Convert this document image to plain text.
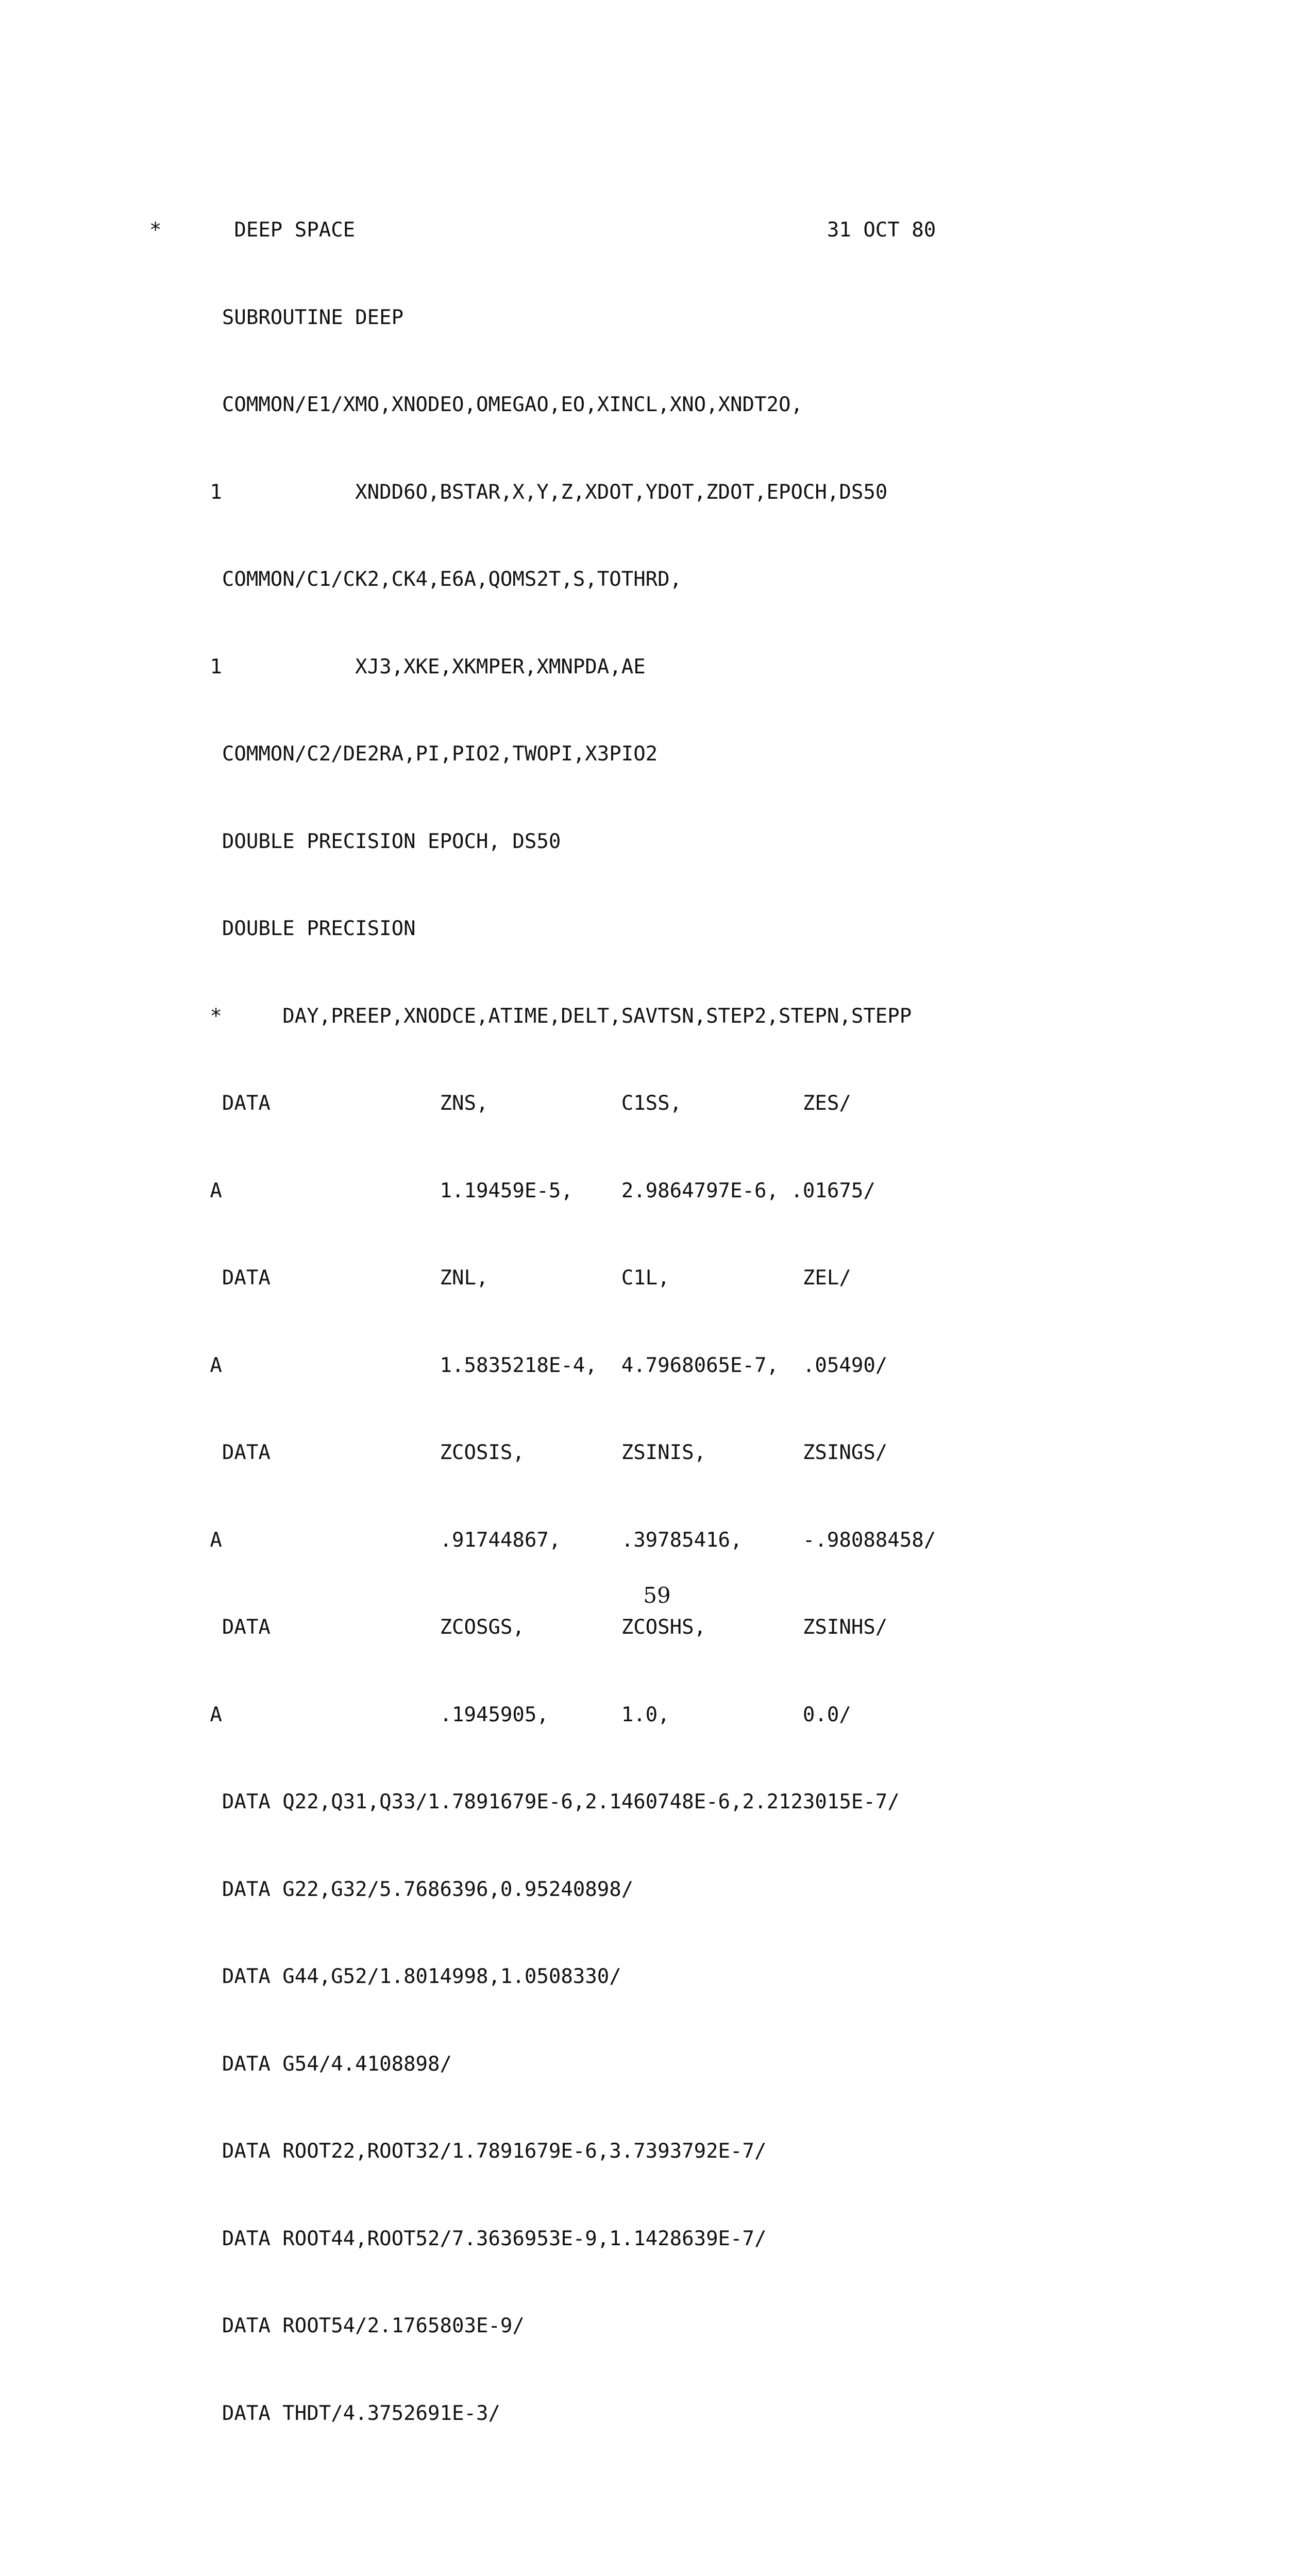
*      DEEP SPACE                                       31 OCT 80

SUBROUTINE DEEP

COMMON/E1/XMO,XNODEO,OMEGAO,EO,XINCL,XNO,XNDT2O,

1           XNDD6O,BSTAR,X,Y,Z,XDOT,YDOT,ZDOT,EPOCH,DS50

COMMON/C1/CK2,CK4,E6A,QOMS2T,S,TOTHRD,

1           XJ3,XKE,XKMPER,XMNPDA,AE

COMMON/C2/DE2RA,PI,PIO2,TWOPI,X3PIO2

DOUBLE PRECISION EPOCH, DS50

DOUBLE PRECISION

*     DAY,PREEP,XNODCE,ATIME,DELT,SAVTSN,STEP2,STEPN,STEPP

DATA              ZNS,           C1SS,          ZES/

A                  1.19459E-5,    2.9864797E-6, .01675/

DATA              ZNL,           C1L,           ZEL/

A                  1.5835218E-4,  4.7968065E-7,  .05490/

DATA              ZCOSIS,        ZSINIS,        ZSINGS/

A                  .91744867,     .39785416,     -.98088458/

DATA              ZCOSGS,        ZCOSHS,        ZSINHS/

A                  .1945905,      1.0,           0.0/

DATA Q22,Q31,Q33/1.7891679E-6,2.1460748E-6,2.2123015E-7/

DATA G22,G32/5.7686396,0.95240898/

DATA G44,G52/1.8014998,1.0508330/

DATA G54/4.4108898/

DATA ROOT22,ROOT32/1.7891679E-6,3.7393792E-7/

DATA ROOT44,ROOT52/7.3636953E-9,1.1428639E-7/

DATA ROOT54/2.1765803E-9/

DATA THDT/4.3752691E-3/

59
